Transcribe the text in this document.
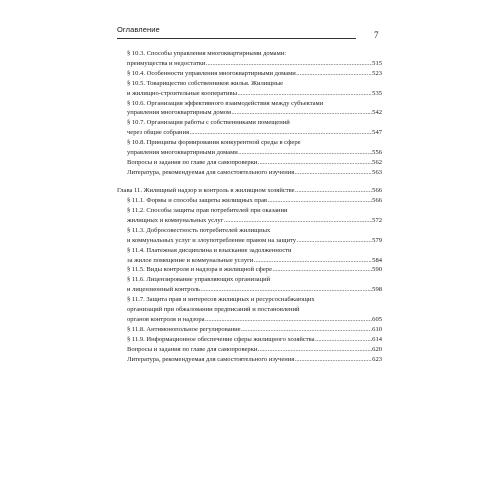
Оглавление
7
§ 10.3. Способы управления многоквартирными домами:
преимущества и недостатки .....	515
§ 10.4. Особенности управления многоквартирными домами .....	523
§ 10.5. Товарищество собственников жилья. Жилищные
и жилищно-строительные кооперативы .....	535
§ 10.6. Организация эффективного взаимодействия между субъектами
управления многоквартирным домом .....	542
§ 10.7. Организация работы с собственниками помещений
через общие собрания .....	547
§ 10.8. Принципы формирования конкурентной среды в сфере
управления многоквартирными домами .....	556
Вопросы и задания по главе для самопроверки .....	562
Литература, рекомендуемая для самостоятельного изучения .....	563
Глава 11. Жилищный надзор и контроль в жилищном хозяйстве .....	566
§ 11.1. Формы и способы защиты жилищных прав .....	566
§ 11.2. Способы защиты прав потребителей при оказании
жилищных и коммунальных услуг .....	572
§ 11.3. Добросовестность потребителей жилищных
и коммунальных услуг и злоупотребление правом на защиту .....	579
§ 11.4. Платежная дисциплина и взыскание задолженности
за жилое помещение и коммунальные услуги .....	584
§ 11.5. Виды контроля и надзора в жилищной сфере .....	590
§ 11.6. Лицензирование управляющих организаций
и лицензионный контроль .....	598
§ 11.7. Защита прав и интересов жилищных и ресурсоснабжающих
организаций при обжаловании предписаний и постановлений
органов контроля и надзора .....	605
§ 11.8. Антимонопольное регулирование .....	610
§ 11.9. Информационное обеспечение сферы жилищного хозяйства .....	614
Вопросы и задания по главе для самопроверки .....	620
Литература, рекомендуемая для самостоятельного изучения .....	623
